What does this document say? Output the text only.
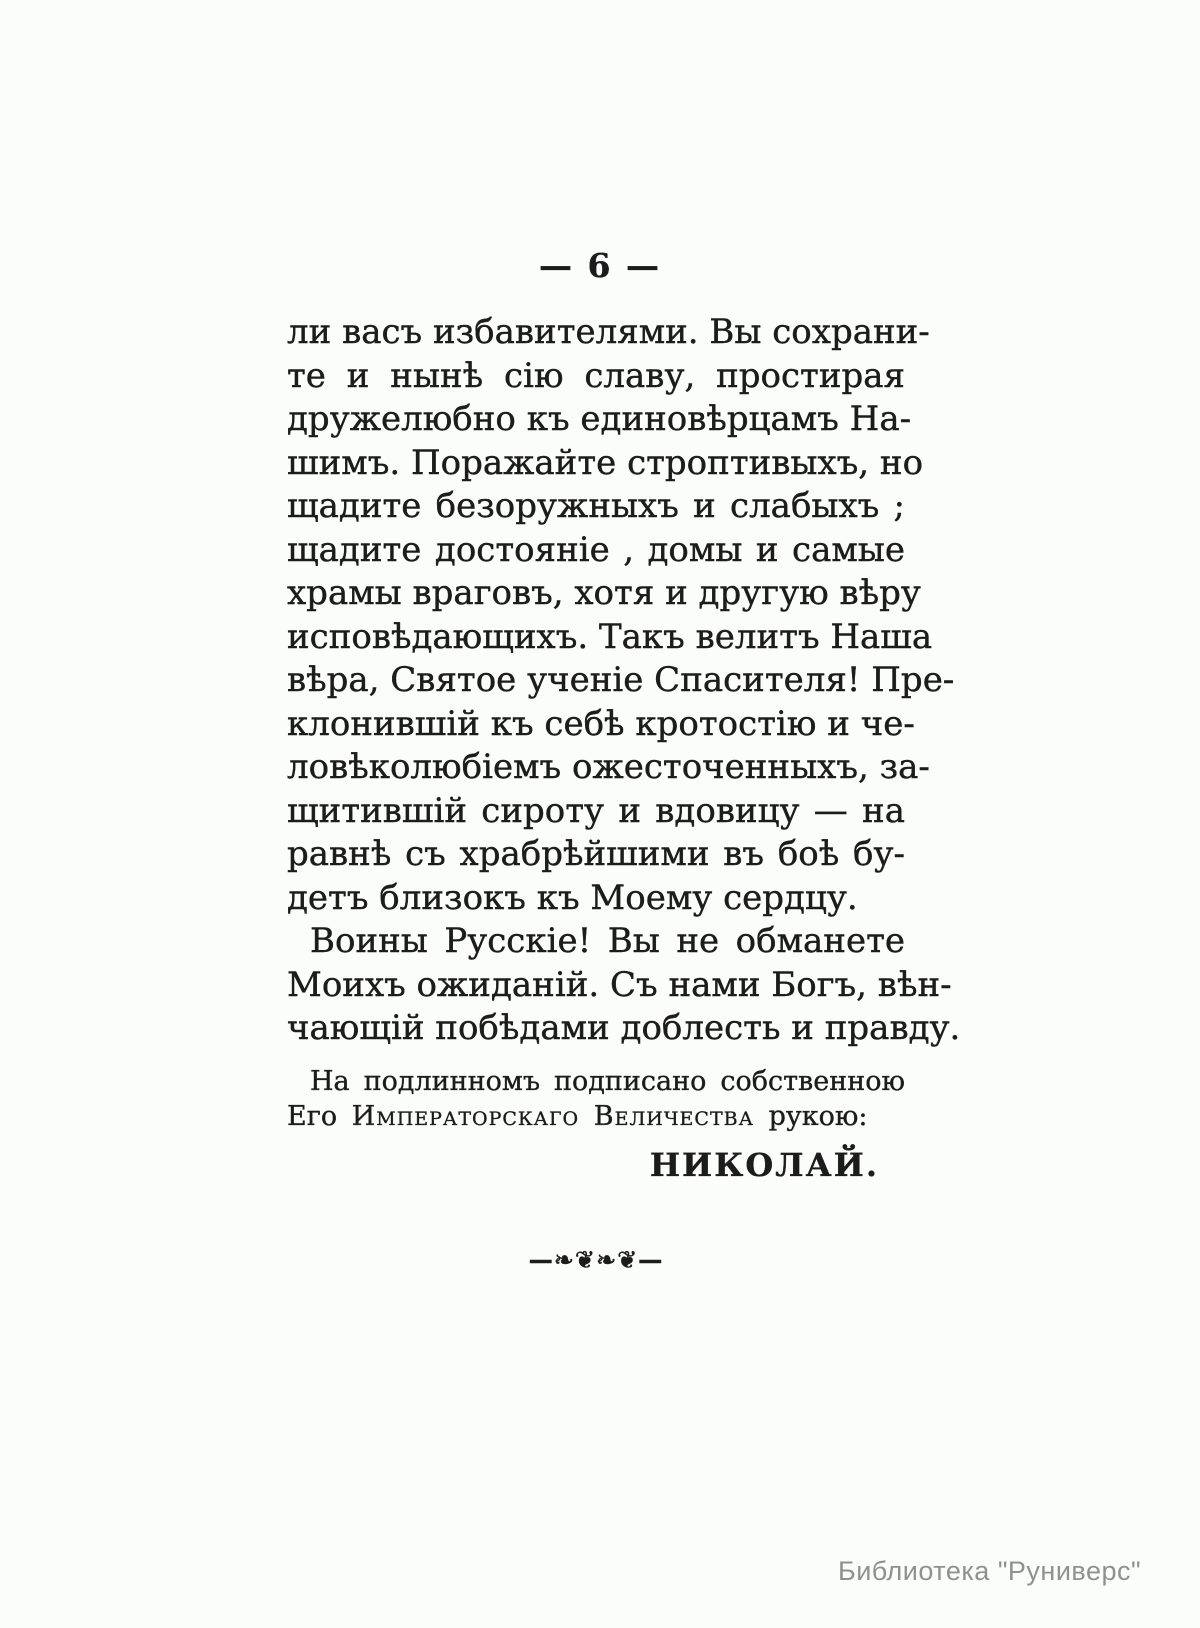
— 6 —
ли васъ избавителями. Вы сохрани-
те и нынѣ сію славу, простирая
дружелюбно къ единовѣрцамъ На-
шимъ. Поражайте строптивыхъ, но
щадите безоружныхъ и слабыхъ ;
щадите достояніе , домы и самые
храмы враговъ, хотя и другую вѣру
исповѣдающихъ. Такъ велитъ Наша
вѣра, Святое ученіе Спасителя! Пре-
клонившій къ себѣ кротостію и че-
ловѣколюбіемъ ожесточенныхъ, за-
щитившій сироту и вдовицу — на
равнѣ съ храбрѣйшими въ боѣ бу-
детъ близокъ къ Моему сердцу.
Воины Русскіе! Вы не обманете
Моихъ ожиданій. Съ нами Богъ, вѣн-
чающій побѣдами доблесть и правду.
На подлинномъ подписано собственною
Его Императорскаго Величества рукою:
НИКОЛАЙ.
—❧❦❧❦—
Библиотека "Руниверс"
